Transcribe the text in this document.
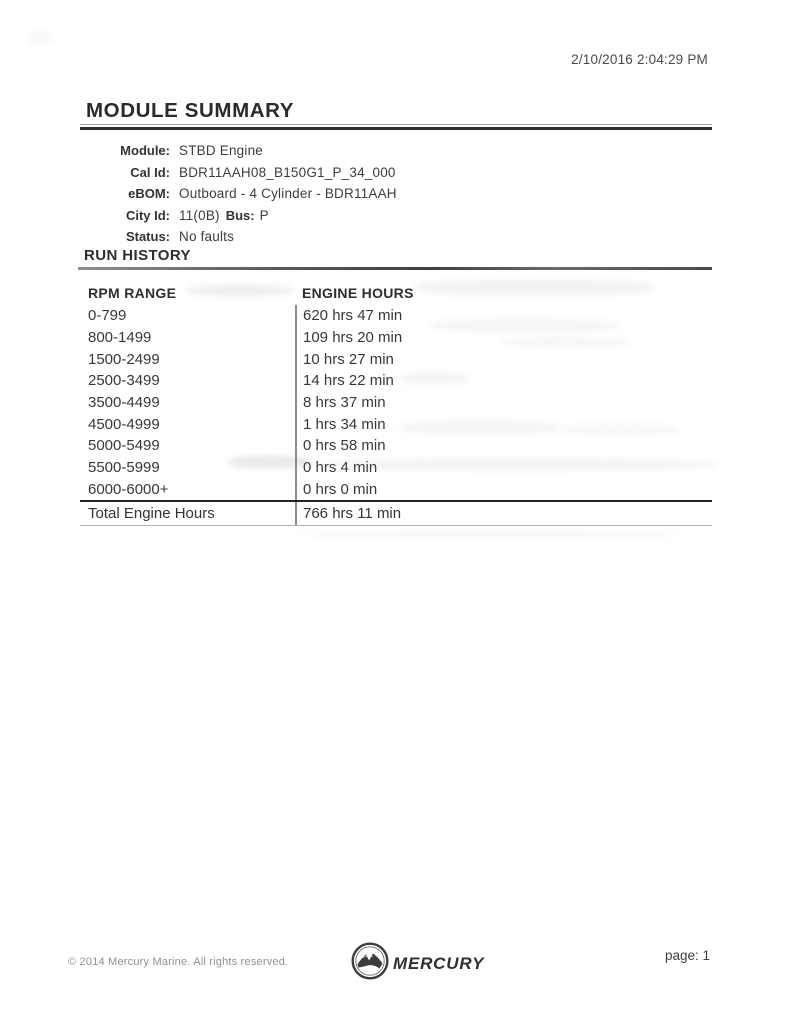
2/10/2016 2:04:29 PM
MODULE SUMMARY
Module: STBD Engine
Cal Id: BDR11AAH08_B150G1_P_34_000
eBOM: Outboard - 4 Cylinder - BDR11AAH
City Id: 11(0B) Bus: P
Status: No faults
RUN HISTORY
RPM RANGE	ENGINE HOURS
0-799	620 hrs 47 min
800-1499	109 hrs 20 min
1500-2499	10 hrs 27 min
2500-3499	14 hrs 22 min
3500-4499	8 hrs 37 min
4500-4999	1 hrs 34 min
5000-5499	0 hrs 58 min
5500-5999	0 hrs 4 min
6000-6000+	0 hrs 0 min
Total Engine Hours	766 hrs 11 min
© 2014 Mercury Marine. All rights reserved.	MERCURY	page: 1
